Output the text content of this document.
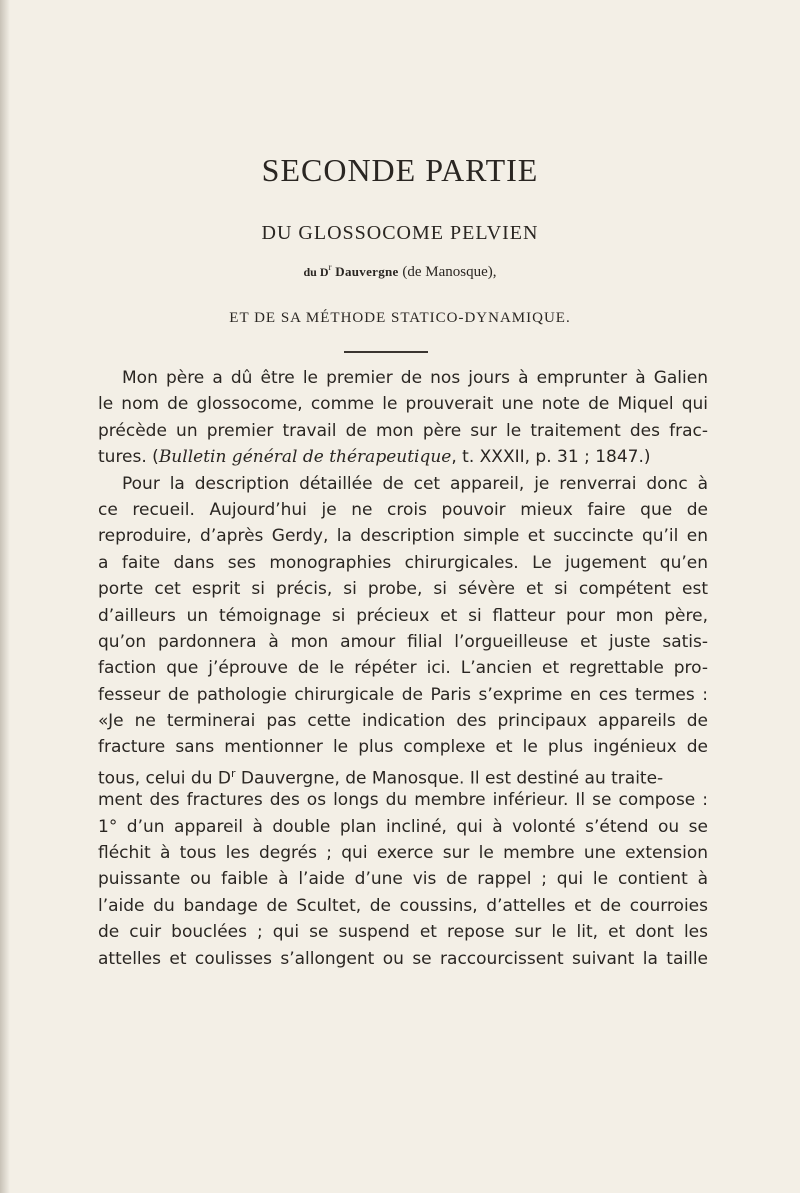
SECONDE PARTIE
DU GLOSSOCOME PELVIEN
du $D^r$ Dauvergne (de Manosque),
ET DE SA MÉTHODE STATICO-DYNAMIQUE.
Mon père a dû être le premier de nos jours à emprunter à Galien
le nom de glossocome, comme le prouverait une note de Miquel qui
précède un premier travail de mon père sur le traitement des frac-
tures. (Bulletin général de thérapeutique, t. XXXII, p. 31 ; 1847.)
Pour la description détaillée de cet appareil, je renverrai donc à
ce recueil. Aujourd’hui je ne crois pouvoir mieux faire que de
reproduire, d’après Gerdy, la description simple et succincte qu’il en
a faite dans ses monographies chirurgicales. Le jugement qu’en
porte cet esprit si précis, si probe, si sévère et si compétent est
d’ailleurs un témoignage si précieux et si flatteur pour mon père,
qu’on pardonnera à mon amour filial l’orgueilleuse et juste satis-
faction que j’éprouve de le répéter ici. L’ancien et regrettable pro-
fesseur de pathologie chirurgicale de Paris s’exprime en ces termes :
«Je ne terminerai pas cette indication des principaux appareils de
fracture sans mentionner le plus complexe et le plus ingénieux de
tous, celui du $D^r$ Dauvergne, de Manosque. Il est destiné au traite-
ment des fractures des os longs du membre inférieur. Il se compose :
1° d’un appareil à double plan incliné, qui à volonté s’étend ou se
fléchit à tous les degrés ; qui exerce sur le membre une extension
puissante ou faible à l’aide d’une vis de rappel ; qui le contient à
l’aide du bandage de Scultet, de coussins, d’attelles et de courroies
de cuir bouclées ; qui se suspend et repose sur le lit, et dont les
attelles et coulisses s’allongent ou se raccourcissent suivant la taille
